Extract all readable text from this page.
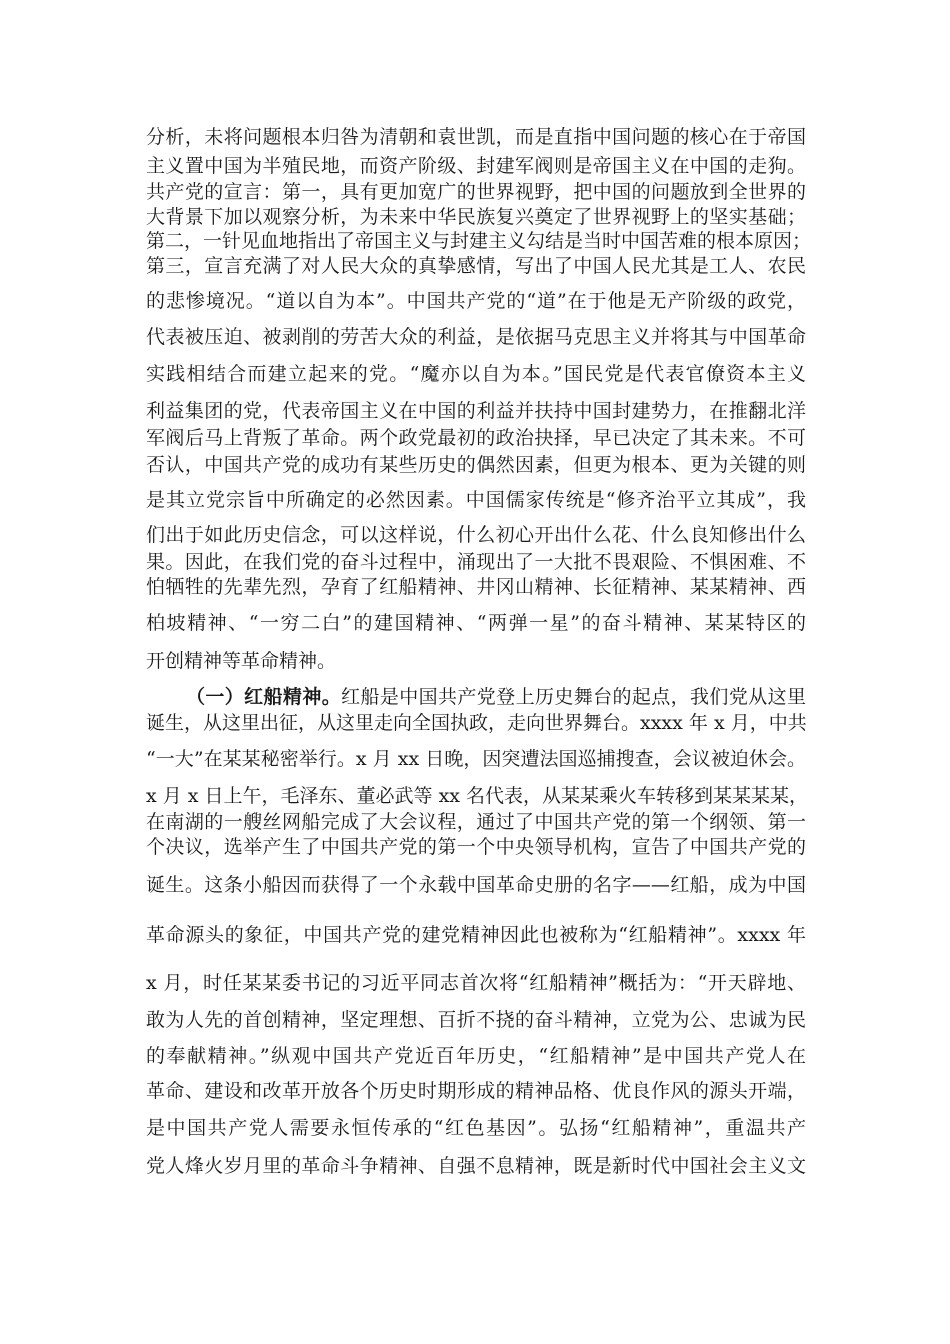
分析，未将问题根本归咎为清朝和袁世凯，而是直指中国问题的核心在于帝国
主义置中国为半殖民地，而资产阶级、封建军阀则是帝国主义在中国的走狗。
共产党的宣言：第一，具有更加宽广的世界视野，把中国的问题放到全世界的
大背景下加以观察分析，为未来中华民族复兴奠定了世界视野上的坚实基础；
第二，一针见血地指出了帝国主义与封建主义勾结是当时中国苦难的根本原因；
第三，宣言充满了对人民大众的真挚感情，写出了中国人民尤其是工人、农民
的悲惨境况。“道以自为本”。中国共产党的“道”在于他是无产阶级的政党，
代表被压迫、被剥削的劳苦大众的利益，是依据马克思主义并将其与中国革命
实践相结合而建立起来的党。“魔亦以自为本。”国民党是代表官僚资本主义
利益集团的党，代表帝国主义在中国的利益并扶持中国封建势力，在推翻北洋
军阀后马上背叛了革命。两个政党最初的政治抉择，早已决定了其未来。不可
否认，中国共产党的成功有某些历史的偶然因素，但更为根本、更为关键的则
是其立党宗旨中所确定的必然因素。中国儒家传统是“修齐治平立其成”，我
们出于如此历史信念，可以这样说，什么初心开出什么花、什么良知修出什么
果。因此，在我们党的奋斗过程中，涌现出了一大批不畏艰险、不惧困难、不
怕牺牲的先辈先烈，孕育了红船精神、井冈山精神、长征精神、某某精神、西
柏坡精神、“一穷二白”的建国精神、“两弹一星”的奋斗精神、某某特区的
开创精神等革命精神。
（一）红船精神。红船是中国共产党登上历史舞台的起点，我们党从这里
诞生，从这里出征，从这里走向全国执政，走向世界舞台。xxxx 年 x 月，中共
“一大”在某某秘密举行。x 月 xx 日晚，因突遭法国巡捕搜查，会议被迫休会。
x 月 x 日上午，毛泽东、董必武等 xx 名代表，从某某乘火车转移到某某某某，
在南湖的一艘丝网船完成了大会议程，通过了中国共产党的第一个纲领、第一
个决议，选举产生了中国共产党的第一个中央领导机构，宣告了中国共产党的
诞生。这条小船因而获得了一个永载中国革命史册的名字——红船，成为中国
革命源头的象征，中国共产党的建党精神因此也被称为“红船精神”。xxxx 年
x 月，时任某某委书记的习近平同志首次将“红船精神”概括为：“开天辟地、
敢为人先的首创精神，坚定理想、百折不挠的奋斗精神，立党为公、忠诚为民
的奉献精神。”纵观中国共产党近百年历史，“红船精神”是中国共产党人在
革命、建设和改革开放各个历史时期形成的精神品格、优良作风的源头开端，
是中国共产党人需要永恒传承的“红色基因”。弘扬“红船精神”，重温共产
党人烽火岁月里的革命斗争精神、自强不息精神，既是新时代中国社会主义文
